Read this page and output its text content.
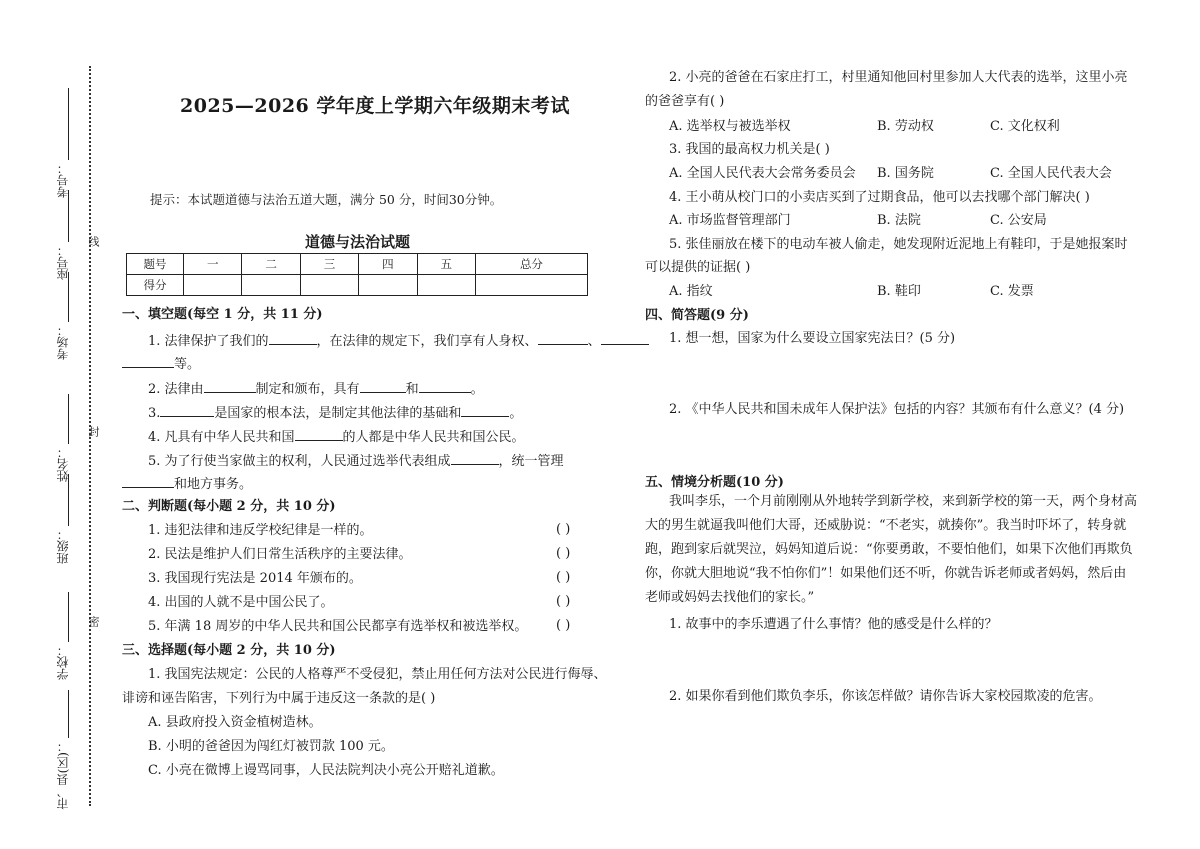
线
封
密
考号：
座号：
考场：
姓名：
班级：
学校：
市、县(区)：
2025—2026 学年度上学期六年级期末考试
提示：本试题道德与法治五道大题，满分 50 分，时间30分钟。
道德与法治试题
题号	一	二	三	四	五	总分
得分						
一、填空题(每空 1 分，共 11 分)
1. 法律保护了我们的	，在法律的规定下，我们享有人身权、	、
等。
2. 法律由	制定和颁布，具有	和	。
3.	是国家的根本法，是制定其他法律的基础和	。
4. 凡具有中华人民共和国	的人都是中华人民共和国公民。
5. 为了行使当家做主的权利，人民通过选举代表组成	，统一管理
和地方事务。
二、判断题(每小题 2 分，共 10 分)
1. 违犯法律和违反学校纪律是一样的。	( )
2. 民法是维护人们日常生活秩序的主要法律。	( )
3. 我国现行宪法是 2014 年颁布的。	( )
4. 出国的人就不是中国公民了。	( )
5. 年满 18 周岁的中华人民共和国公民都享有选举权和被选举权。 ( )
三、选择题(每小题 2 分，共 10 分)
1. 我国宪法规定：公民的人格尊严不受侵犯，禁止用任何方法对公民进行侮辱、
诽谤和诬告陷害，下列行为中属于违反这一条款的是( )
A. 县政府投入资金植树造林。
B. 小明的爸爸因为闯红灯被罚款 100 元。
C. 小亮在微博上谩骂同事，人民法院判决小亮公开赔礼道歉。
2. 小亮的爸爸在石家庄打工，村里通知他回村里参加人大代表的选举，这里小亮
的爸爸享有( )
A. 选举权与被选举权	B. 劳动权	C. 文化权利
3. 我国的最高权力机关是( )
A. 全国人民代表大会常务委员会 B. 国务院	C. 全国人民代表大会
4. 王小萌从校门口的小卖店买到了过期食品，他可以去找哪个部门解决( )
A. 市场监督管理部门	B. 法院	C. 公安局
5. 张佳丽放在楼下的电动车被人偷走，她发现附近泥地上有鞋印，于是她报案时
可以提供的证据( )
A. 指纹	B. 鞋印	C. 发票
四、简答题(9 分)
1. 想一想，国家为什么要设立国家宪法日？(5 分)
2. 《中华人民共和国未成年人保护法》包括的内容？其颁布有什么意义？(4 分)
五、情境分析题(10 分)
我叫李乐，一个月前刚刚从外地转学到新学校，来到新学校的第一天，两个身材高
大的男生就逼我叫他们大哥，还威胁说：“不老实，就揍你”。我当时吓坏了，转身就
跑，跑到家后就哭泣，妈妈知道后说：“你要勇敢，不要怕他们，如果下次他们再欺负
你，你就大胆地说“我不怕你们”！如果他们还不听，你就告诉老师或者妈妈，然后由
老师或妈妈去找他们的家长。”
1. 故事中的李乐遭遇了什么事情？他的感受是什么样的？
2. 如果你看到他们欺负李乐，你该怎样做？请你告诉大家校园欺凌的危害。
